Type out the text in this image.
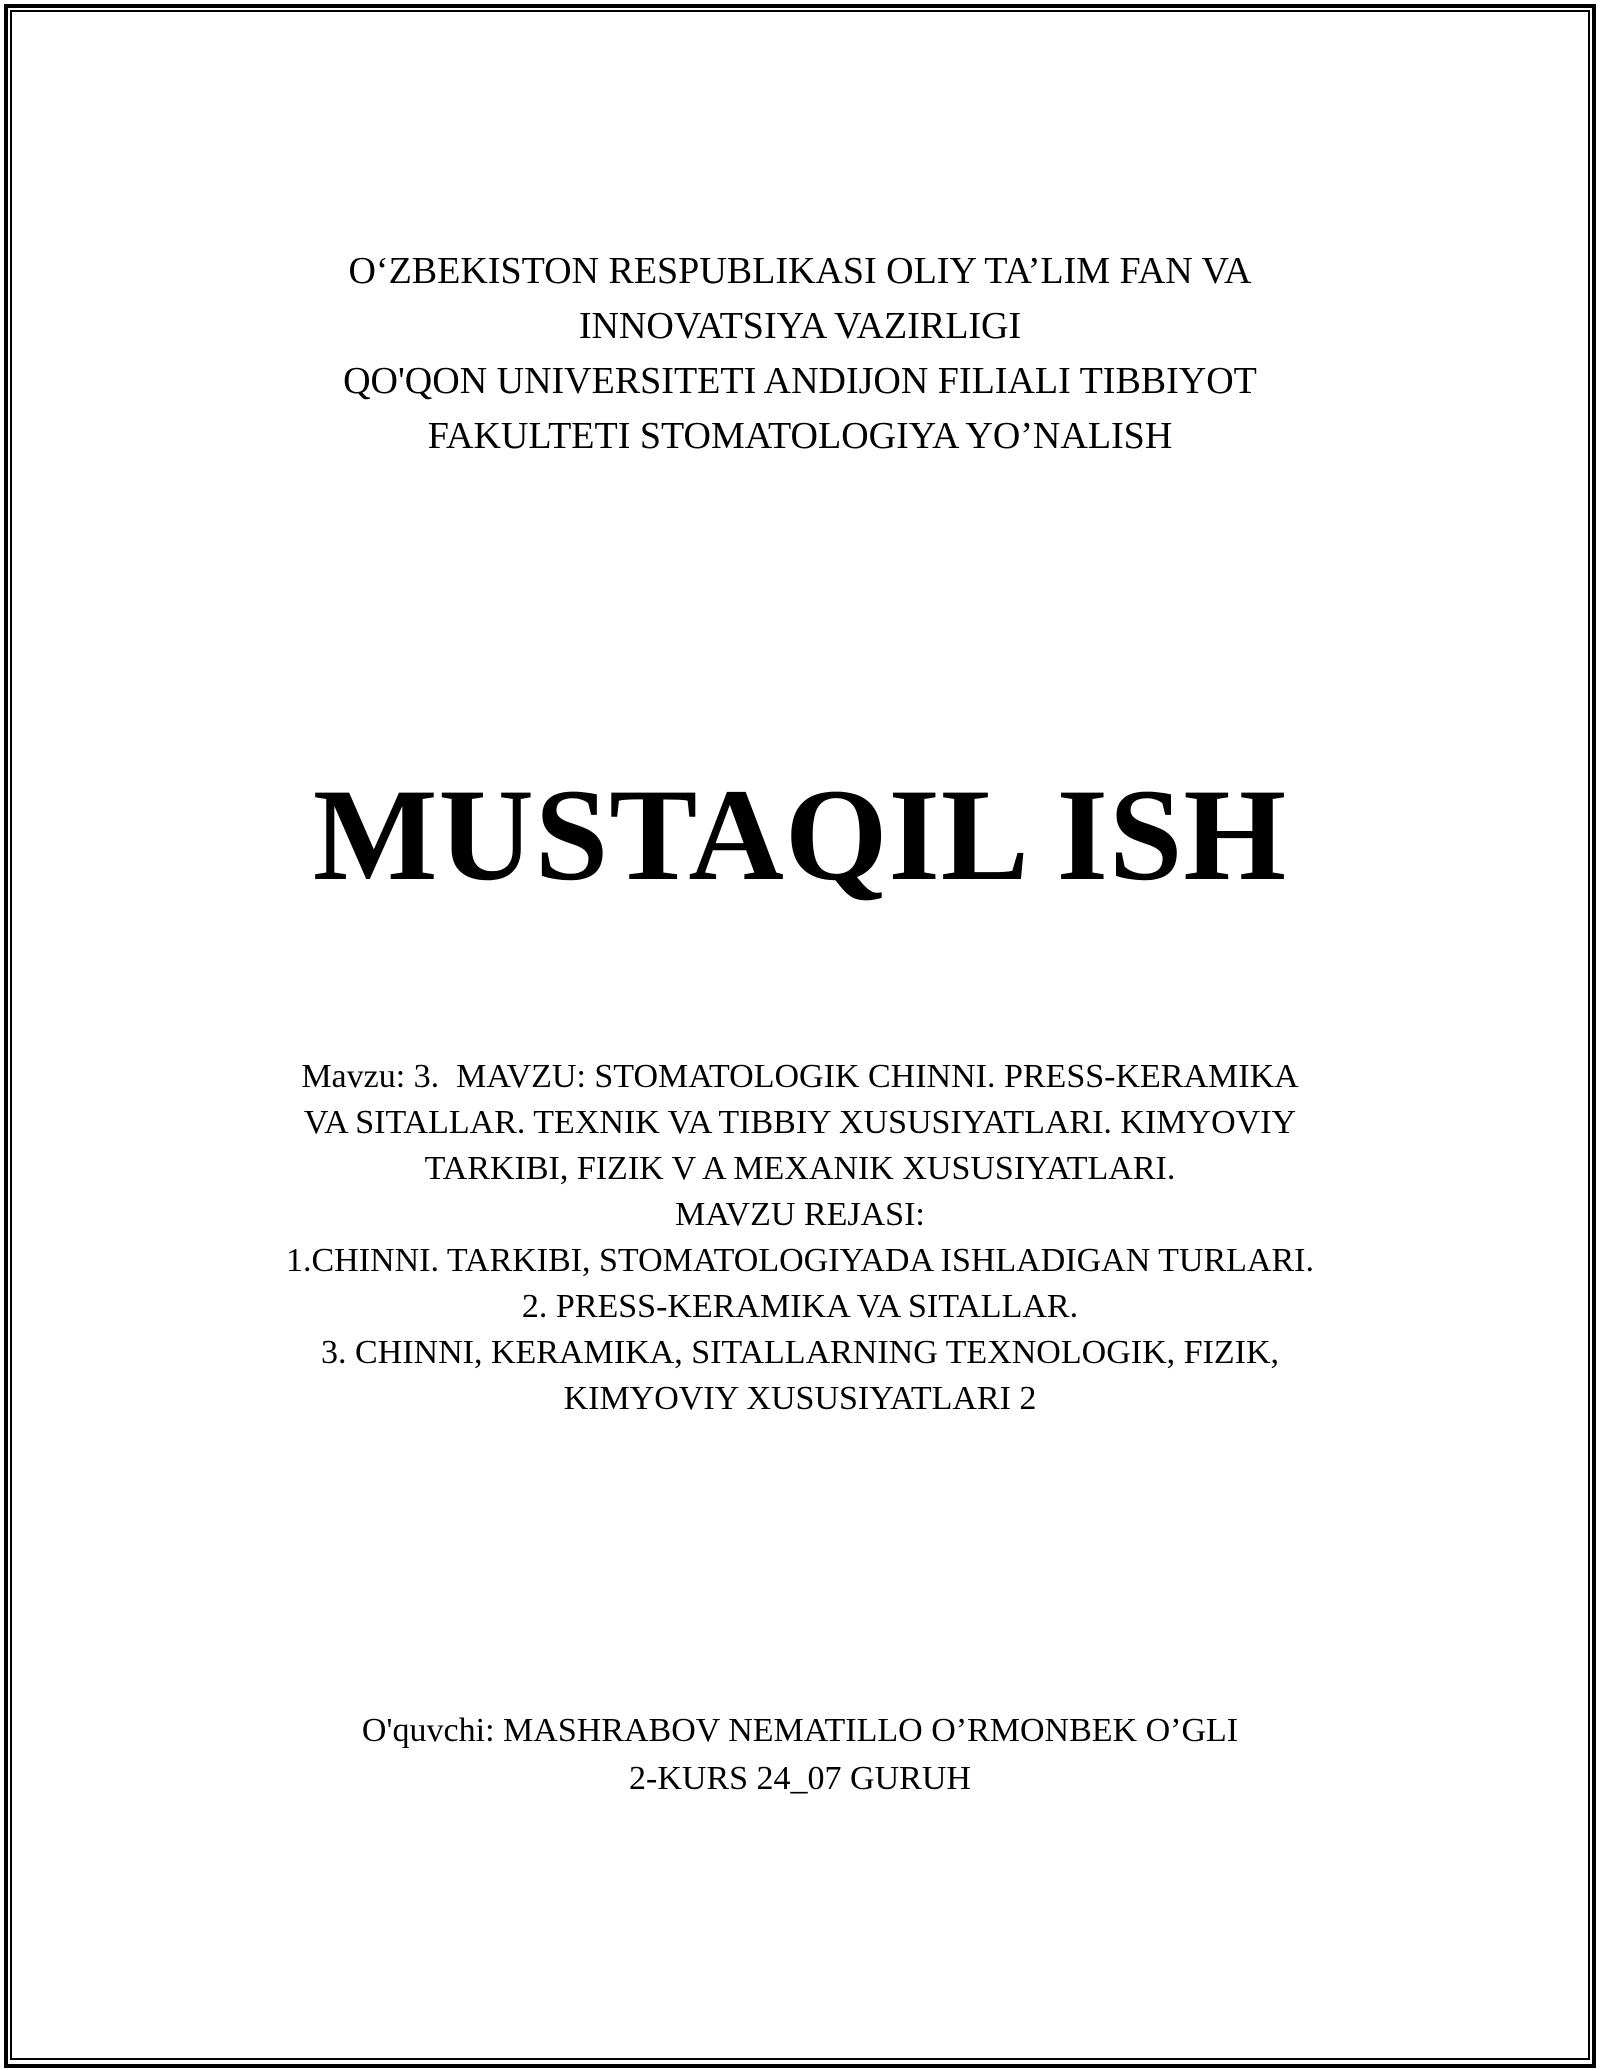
O‘ZBEKISTON RESPUBLIKASI OLIY TA’LIM FAN VA
INNOVATSIYA VAZIRLIGI
QO'QON UNIVERSITETI ANDIJON FILIALI TIBBIYOT
FAKULTETI STOMATOLOGIYA YO’NALISH
MUSTAQIL ISH
Mavzu: 3.  MAVZU: STOMATOLOGIK CHINNI. PRESS-KERAMIKA
VA SITALLAR. TEXNIK VA TIBBIY XUSUSIYATLARI. KIMYOVIY
TARKIBI, FIZIK V A MEXANIK XUSUSIYATLARI.
MAVZU REJASI:
1.CHINNI. TARKIBI, STOMATOLOGIYADA ISHLADIGAN TURLARI.
2. PRESS-KERAMIKA VA SITALLAR.
3. CHINNI, KERAMIKA, SITALLARNING TEXNOLOGIK, FIZIK,
KIMYOVIY XUSUSIYATLARI 2
O'quvchi: MASHRABOV NEMATILLO O’RMONBEK O’GLI
2-KURS 24_07 GURUH
